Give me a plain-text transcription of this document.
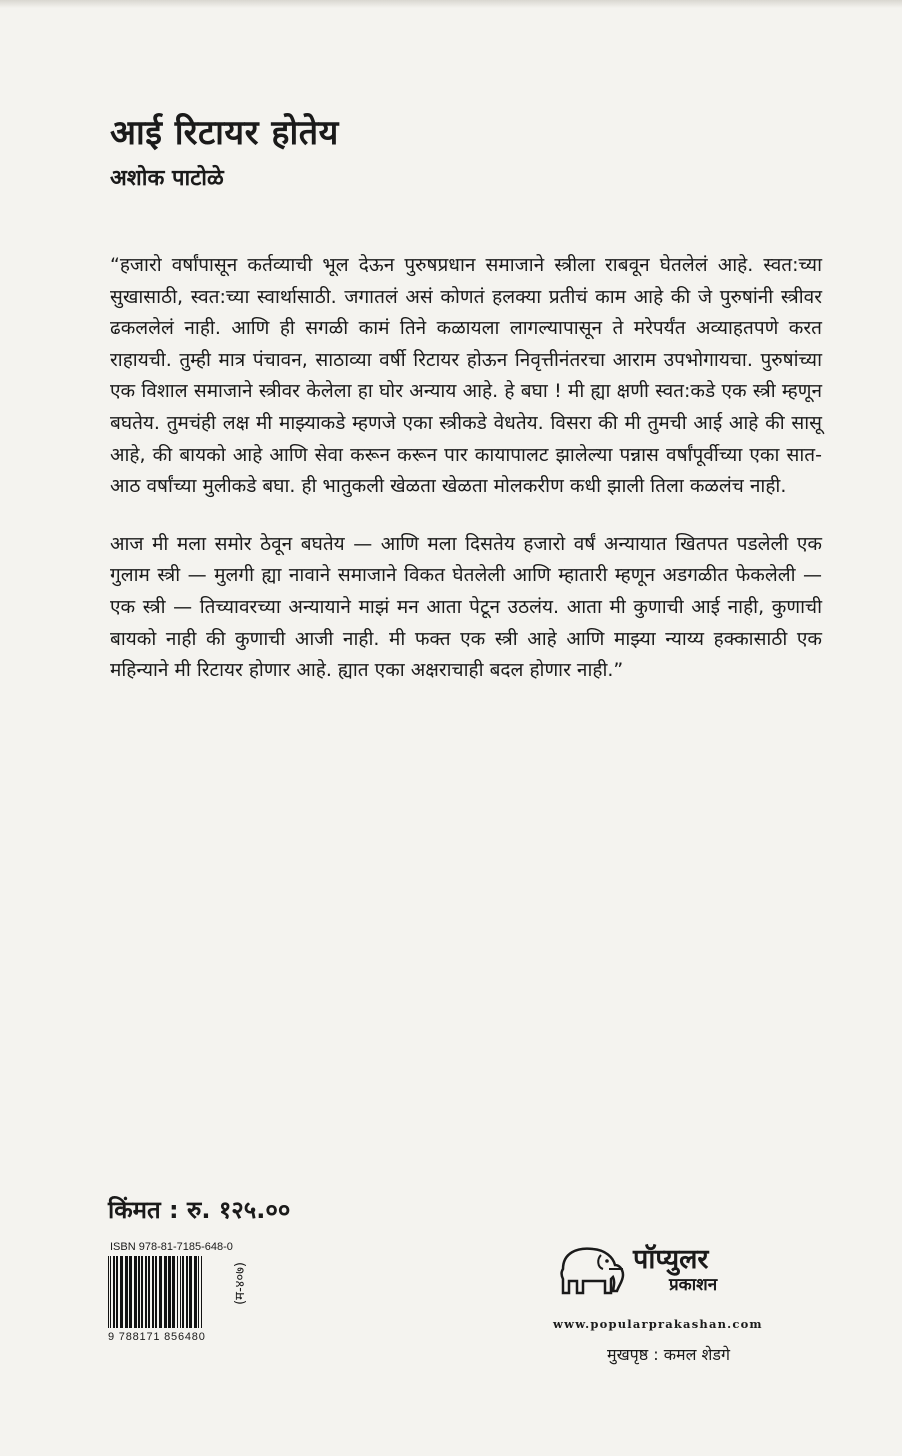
आई रिटायर होतेय
अशोक पाटोळे

“हजारो वर्षांपासून कर्तव्याची भूल देऊन पुरुषप्रधान समाजाने स्त्रीला राबवून घेतलेलं आहे. स्वत:च्या सुखासाठी, स्वत:च्या स्वार्थासाठी. जगातलं असं कोणतं हलक्या प्रतीचं काम आहे की जे पुरुषांनी स्त्रीवर ढकललेलं नाही. आणि ही सगळी कामं तिने कळायला लागल्यापासून ते मरेपर्यंत अव्याहतपणे करत राहायची. तुम्ही मात्र पंचावन, साठाव्या वर्षी रिटायर होऊन निवृत्तीनंतरचा आराम उपभोगायचा. पुरुषांच्या एक विशाल समाजाने स्त्रीवर केलेला हा घोर अन्याय आहे. हे बघा ! मी ह्या क्षणी स्वत:कडे एक स्त्री म्हणून बघतेय. तुमचंही लक्ष मी माझ्याकडे म्हणजे एका स्त्रीकडे वेधतेय. विसरा की मी तुमची आई आहे की सासू आहे, की बायको आहे आणि सेवा करून करून पार कायापालट झालेल्या पन्नास वर्षांपूर्वीच्या एका सात-आठ वर्षांच्या मुलीकडे बघा. ही भातुकली खेळता खेळता मोलकरीण कधी झाली तिला कळलंच नाही.

आज मी मला समोर ठेवून बघतेय — आणि मला दिसतेय हजारो वर्षं अन्यायात खितपत पडलेली एक गुलाम स्त्री — मुलगी ह्या नावाने समाजाने विकत घेतलेली आणि म्हातारी म्हणून अडगळीत फेकलेली — एक स्त्री — तिच्यावरच्या अन्यायाने माझं मन आता पेटून उठलंय. आता मी कुणाची आई नाही, कुणाची बायको नाही की कुणाची आजी नाही. मी फक्त एक स्त्री आहे आणि माझ्या न्याय्य हक्कासाठी एक महिन्याने मी रिटायर होणार आहे. ह्यात एका अक्षराचाही बदल होणार नाही.”

किंमत : रु. १२५.००
ISBN 978-81-7185-648-0
9 788171 856480
(म-४०७)
पॉप्युलर
प्रकाशन
www.popularprakashan.com
मुखपृष्ठ : कमल शेडगे
